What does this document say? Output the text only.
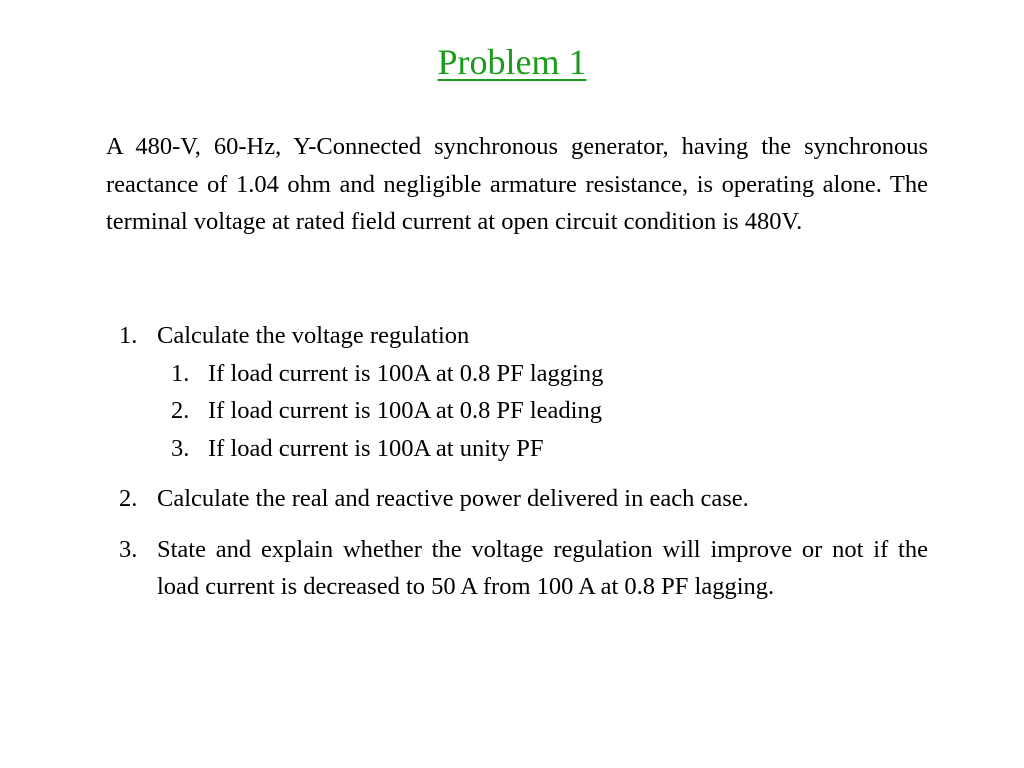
Problem 1

A 480-V, 60-Hz, Y-Connected synchronous generator, having the synchronous reactance of 1.04 ohm and negligible armature resistance, is operating alone. The terminal voltage at rated field current at open circuit condition is 480V.

1. Calculate the voltage regulation
1. If load current is 100A at 0.8 PF lagging
2. If load current is 100A at 0.8 PF leading
3. If load current is 100A at unity PF
2. Calculate the real and reactive power delivered in each case.
3. State and explain whether the voltage regulation will improve or not if the load current is decreased to 50 A from 100 A at 0.8 PF lagging.
